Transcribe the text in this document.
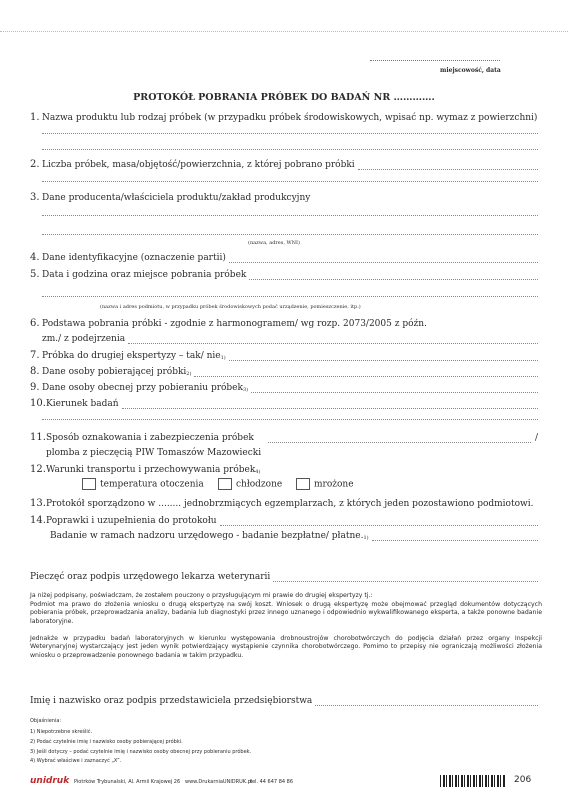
miejscowość, data
PROTOKÓŁ POBRANIA PRÓBEK DO BADAŃ NR ………….
1. Nazwa produktu lub rodzaj próbek (w przypadku próbek środowiskowych, wpisać np. wymaz z powierzchni)
2. Liczba próbek, masa/objętość/powierzchnia, z której pobrano próbki
3. Dane producenta/właściciela produktu/zakład produkcyjny
(nazwa, adres, WNI)
4. Dane identyfikacyjne (oznaczenie partii)
5. Data i godzina oraz miejsce pobrania próbek
(nazwa i adres podmiotu, w przypadku próbek środowiskowych podać urządzenie, pomieszczenie, itp.)
6. Podstawa pobrania próbki - zgodnie z harmonogramem/ wg rozp. 2073/2005 z późn.
zm./ z podejrzenia
7. Próbka do drugiej ekspertyzy – tak/ nie 1)
8. Dane osoby pobierającej próbki 2)
9. Dane osoby obecnej przy pobieraniu próbek 3)
10. Kierunek badań
11. Sposób oznakowania i zabezpieczenia próbek	/
plomba z pieczęcią PIW Tomaszów Mazowiecki
12. Warunki transportu i przechowywania próbek 4)
temperatura otoczenia	chłodzone	mrożone
13. Protokół sporządzono w ........ jednobrzmiących egzemplarzach, z których jeden pozostawiono podmiotowi.
14. Poprawki i uzupełnienia do protokołu
Badanie w ramach nadzoru urzędowego - badanie bezpłatne/ płatne. 1)
Pieczęć oraz podpis urzędowego lekarza weterynarii
Ja niżej podpisany, poświadczam, że zostałem pouczony o przysługującym mi prawie do drugiej ekspertyzy tj.:
Podmiot ma prawo do złożenia wniosku o drugą ekspertyzę na swój koszt. Wniosek o drugą ekspertyzę może obejmować przegląd dokumentów dotyczących pobierania próbek, przeprowadzania analizy, badania lub diagnostyki przez innego uznanego i odpowiednio wykwalifikowanego eksperta, a także ponowne badanie laboratoryjne.
Jednakże w przypadku badań laboratoryjnych w kierunku występowania drobnoustrojów chorobotwórczych do podjęcia działań przez organy Inspekcji Weterynaryjnej wystarczający jest jeden wynik potwierdzający wystąpienie czynnika chorobotwórczego. Pomimo to przepisy nie ograniczają możliwości złożenia wniosku o przeprowadzenie ponownego badania w takim przypadku.
Imię i nazwisko oraz podpis przedstawiciela przedsiębiorstwa
Objaśnienia:
1) Niepotrzebne skreślić.
2) Podać czytelnie imię i nazwisko osoby pobierającej próbki.
3) Jeśli dotyczy – podać czytelnie imię i nazwisko osoby obecnej przy pobieraniu próbek.
4) Wybrać właściwe i zaznaczyć „X”.
unidruk Piotrków Trybunalski, Al. Armii Krajowej 26 www.DrukarniaUNIDRUK.pl
tel. 44 647 84 86	206
